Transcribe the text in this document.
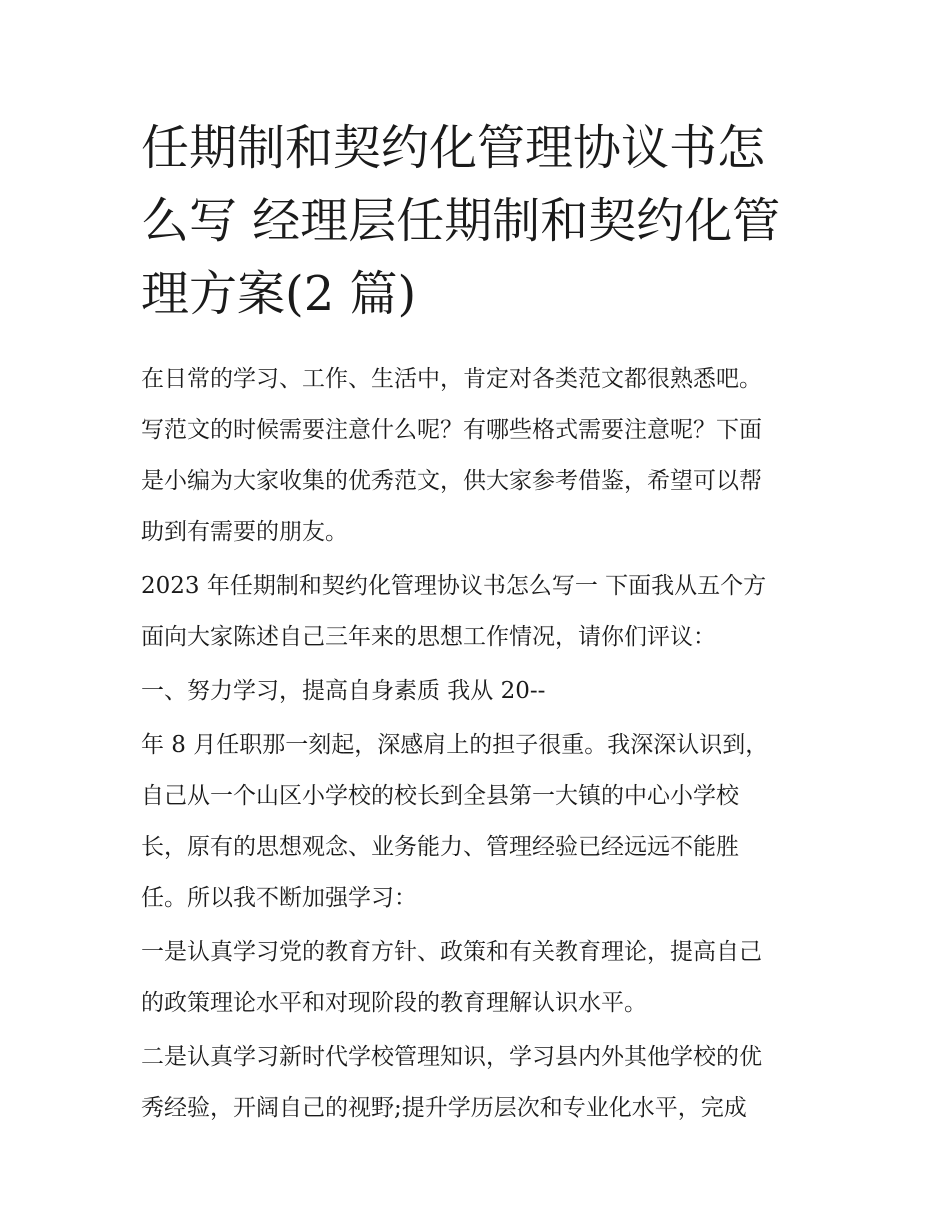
任期制和契约化管理协议书怎
么写 经理层任期制和契约化管
理方案(2 篇)

在日常的学习、工作、生活中，肯定对各类范文都很熟悉吧。
写范文的时候需要注意什么呢？有哪些格式需要注意呢？下面
是小编为大家收集的优秀范文，供大家参考借鉴，希望可以帮
助到有需要的朋友。

2023 年任期制和契约化管理协议书怎么写一 下面我从五个方
面向大家陈述自己三年来的思想工作情况，请你们评议：

一、努力学习，提高自身素质 我从 20--

年 8 月任职那一刻起，深感肩上的担子很重。我深深认识到，
自己从一个山区小学校的校长到全县第一大镇的中心小学校
长，原有的思想观念、业务能力、管理经验已经远远不能胜
任。所以我不断加强学习：

一是认真学习党的教育方针、政策和有关教育理论，提高自己
的政策理论水平和对现阶段的教育理解认识水平。

二是认真学习新时代学校管理知识，学习县内外其他学校的优
秀经验，开阔自己的视野;提升学历层次和专业化水平，完成
